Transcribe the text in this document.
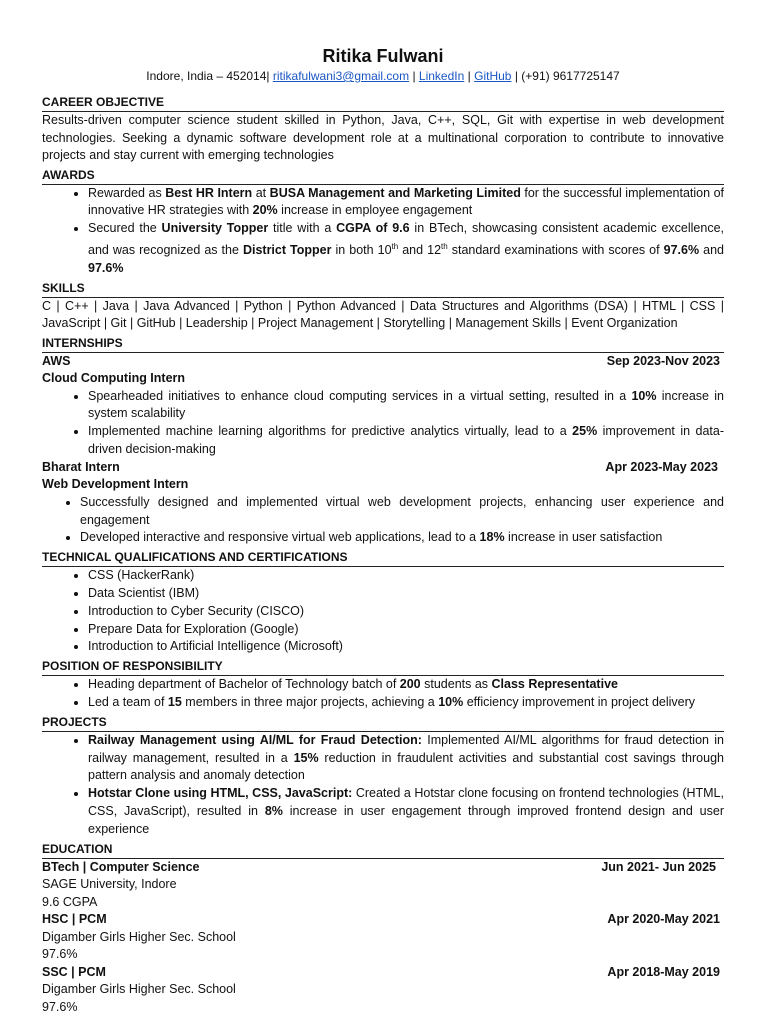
Ritika Fulwani
Indore, India – 452014| ritikafulwani3@gmail.com | LinkedIn | GitHub | (+91) 9617725147
CAREER OBJECTIVE
Results-driven computer science student skilled in Python, Java, C++, SQL, Git with expertise in web development technologies. Seeking a dynamic software development role at a multinational corporation to contribute to innovative projects and stay current with emerging technologies
AWARDS
• Rewarded as Best HR Intern at BUSA Management and Marketing Limited for the successful implementation of innovative HR strategies with 20% increase in employee engagement
• Secured the University Topper title with a CGPA of 9.6 in BTech, showcasing consistent academic excellence, and was recognized as the District Topper in both 10th and 12th standard examinations with scores of 97.6% and 97.6%
SKILLS
C | C++ | Java | Java Advanced | Python | Python Advanced | Data Structures and Algorithms (DSA) | HTML | CSS | JavaScript | Git | GitHub | Leadership | Project Management | Storytelling | Management Skills | Event Organization
INTERNSHIPS
AWS	Sep 2023-Nov 2023
Cloud Computing Intern
• Spearheaded initiatives to enhance cloud computing services in a virtual setting, resulted in a 10% increase in system scalability
• Implemented machine learning algorithms for predictive analytics virtually, lead to a 25% improvement in data-driven decision-making
Bharat Intern	Apr 2023-May 2023
Web Development Intern
• Successfully designed and implemented virtual web development projects, enhancing user experience and engagement
• Developed interactive and responsive virtual web applications, lead to a 18% increase in user satisfaction
TECHNICAL QUALIFICATIONS AND CERTIFICATIONS
• CSS (HackerRank)
• Data Scientist (IBM)
• Introduction to Cyber Security (CISCO)
• Prepare Data for Exploration (Google)
• Introduction to Artificial Intelligence (Microsoft)
POSITION OF RESPONSIBILITY
• Heading department of Bachelor of Technology batch of 200 students as Class Representative
• Led a team of 15 members in three major projects, achieving a 10% efficiency improvement in project delivery
PROJECTS
• Railway Management using AI/ML for Fraud Detection: Implemented AI/ML algorithms for fraud detection in railway management, resulted in a 15% reduction in fraudulent activities and substantial cost savings through pattern analysis and anomaly detection
• Hotstar Clone using HTML, CSS, JavaScript: Created a Hotstar clone focusing on frontend technologies (HTML, CSS, JavaScript), resulted in 8% increase in user engagement through improved frontend design and user experience
EDUCATION
BTech | Computer Science	Jun 2021- Jun 2025
SAGE University, Indore
9.6 CGPA
HSC | PCM	Apr 2020-May 2021
Digamber Girls Higher Sec. School
97.6%
SSC | PCM	Apr 2018-May 2019
Digamber Girls Higher Sec. School
97.6%
